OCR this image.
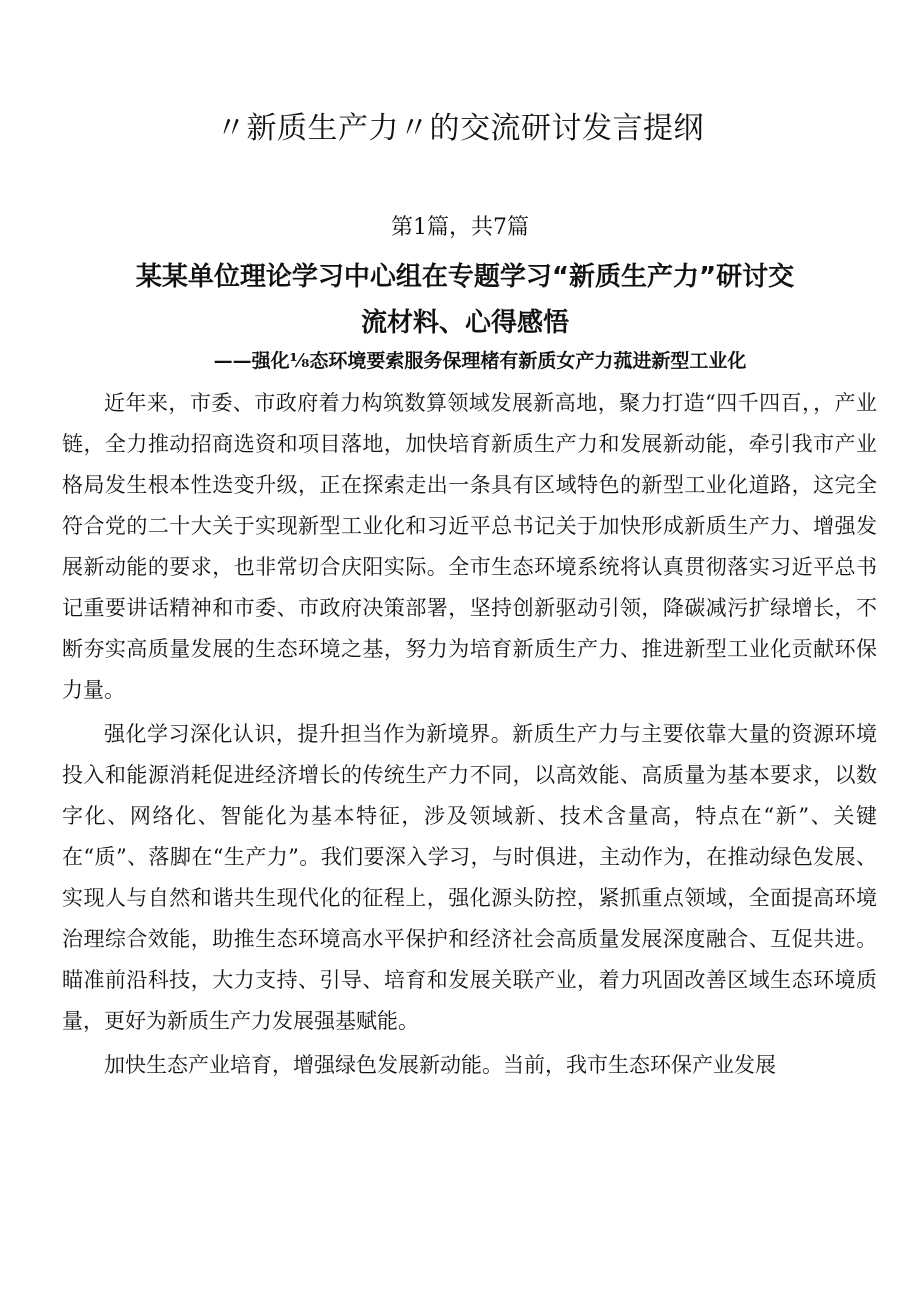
〃新质生产力〃的交流研讨发言提纲
第1篇，共7篇
某某单位理论学习中心组在专题学习“新质生产力”研讨交
流材料、心得感悟
——强化⅛态环境要索服务保理楮有新质女产力菰进新型工业化

近年来，市委、市政府着力构筑数算领域发展新高地，聚力打造“四千四百，，产业链，全力推动招商选资和项目落地，加快培育新质生产力和发展新动能，牵引我市产业格局发生根本性迭变升级，正在探索走出一条具有区域特色的新型工业化道路，这完全符合党的二十大关于实现新型工业化和习近平总书记关于加快形成新质生产力、增强发展新动能的要求，也非常切合庆阳实际。全市生态环境系统将认真贯彻落实习近平总书记重要讲话精神和市委、市政府决策部署，坚持创新驱动引领，降碳减污扩绿增长，不断夯实高质量发展的生态环境之基，努力为培育新质生产力、推进新型工业化贡献环保力量。

强化学习深化认识，提升担当作为新境界。新质生产力与主要依靠大量的资源环境投入和能源消耗促进经济增长的传统生产力不同，以高效能、高质量为基本要求，以数字化、网络化、智能化为基本特征，涉及领域新、技术含量高，特点在“新”、关键在“质”、落脚在“生产力”。我们要深入学习，与时俱进，主动作为，在推动绿色发展、实现人与自然和谐共生现代化的征程上，强化源头防控，紧抓重点领域，全面提高环境治理综合效能，助推生态环境高水平保护和经济社会高质量发展深度融合、互促共进。瞄准前沿科技，大力支持、引导、培育和发展关联产业，着力巩固改善区域生态环境质量，更好为新质生产力发展强基赋能。

加快生态产业培育，增强绿色发展新动能。当前，我市生态环保产业发展
